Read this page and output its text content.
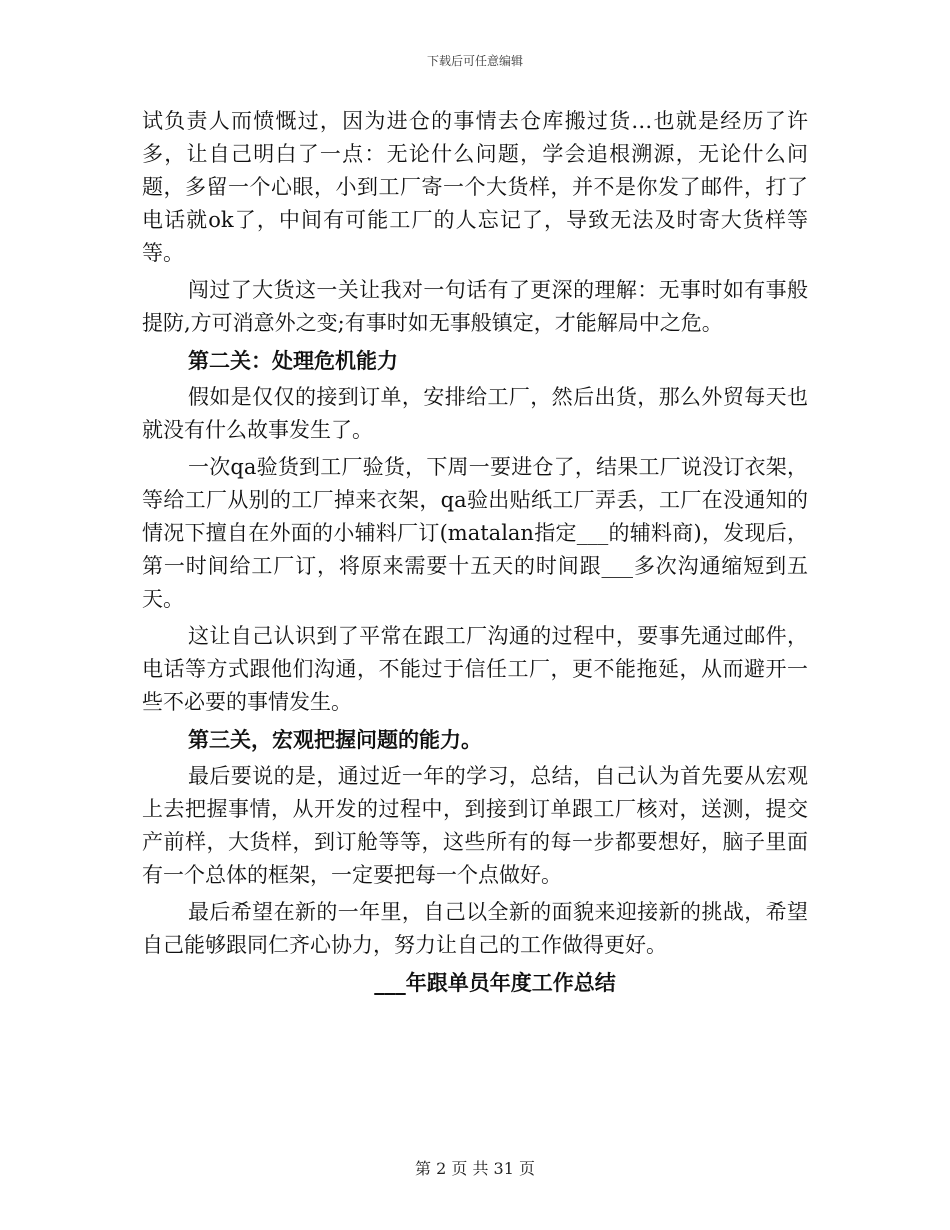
下载后可任意编辑

试负责人而愤慨过，因为进仓的事情去仓库搬过货…也就是经历了许多，让自己明白了一点：无论什么问题，学会追根溯源，无论什么问题，多留一个心眼，小到工厂寄一个大货样，并不是你发了邮件，打了电话就ok了，中间有可能工厂的人忘记了，导致无法及时寄大货样等等。

闯过了大货这一关让我对一句话有了更深的理解：无事时如有事般提防,方可消意外之变;有事时如无事般镇定，才能解局中之危。

第二关：处理危机能力

假如是仅仅的接到订单，安排给工厂，然后出货，那么外贸每天也就没有什么故事发生了。

一次qa验货到工厂验货，下周一要进仓了，结果工厂说没订衣架，等给工厂从别的工厂掉来衣架，qa验出贴纸工厂弄丢，工厂在没通知的情况下擅自在外面的小辅料厂订(matalan指定___的辅料商)，发现后，第一时间给工厂订，将原来需要十五天的时间跟___多次沟通缩短到五天。

这让自己认识到了平常在跟工厂沟通的过程中，要事先通过邮件，电话等方式跟他们沟通，不能过于信任工厂，更不能拖延，从而避开一些不必要的事情发生。

第三关，宏观把握问题的能力。

最后要说的是，通过近一年的学习，总结，自己认为首先要从宏观上去把握事情，从开发的过程中，到接到订单跟工厂核对，送测，提交产前样，大货样，到订舱等等，这些所有的每一步都要想好，脑子里面有一个总体的框架，一定要把每一个点做好。

最后希望在新的一年里，自己以全新的面貌来迎接新的挑战，希望自己能够跟同仁齐心协力，努力让自己的工作做得更好。

___年跟单员年度工作总结

第 2 页 共 31 页
